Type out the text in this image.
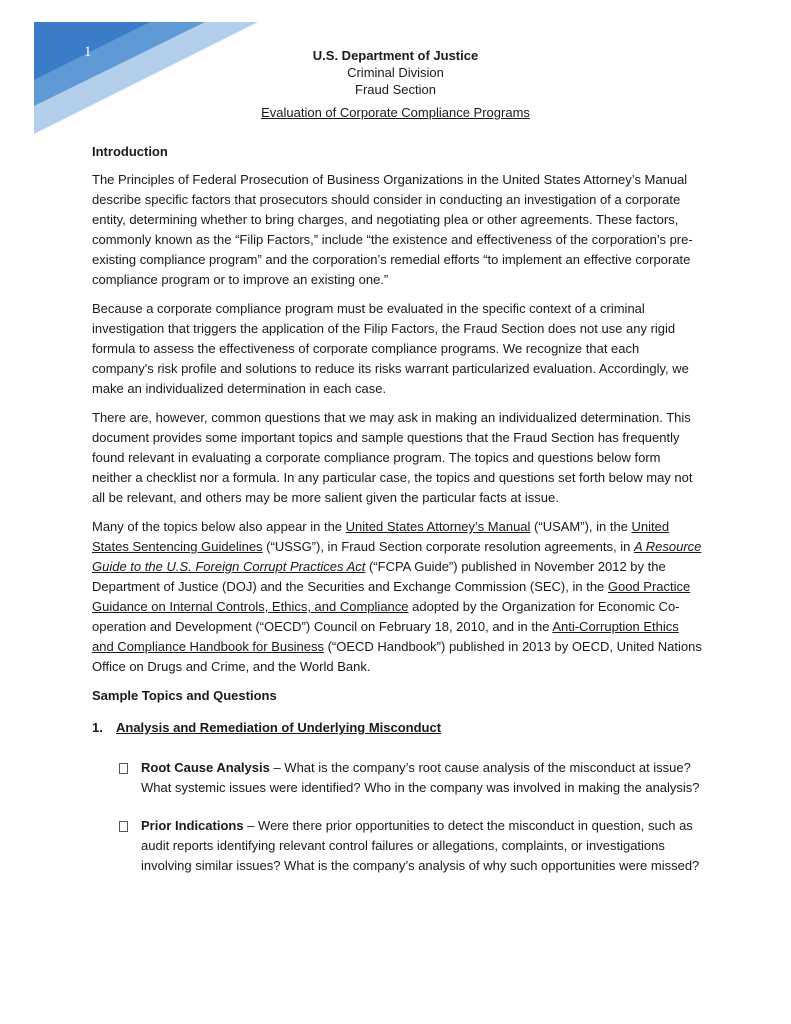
1	U.S. Department of Justice
Criminal Division
Fraud Section
Evaluation of Corporate Compliance Programs
Introduction

The Principles of Federal Prosecution of Business Organizations in the United States Attorney’s Manual describe specific factors that prosecutors should consider in conducting an investigation of a corporate entity, determining whether to bring charges, and negotiating plea or other agreements. These factors, commonly known as the “Filip Factors,” include “the existence and effectiveness of the corporation’s pre-existing compliance program” and the corporation’s remedial efforts “to implement an effective corporate compliance program or to improve an existing one.”

Because a corporate compliance program must be evaluated in the specific context of a criminal investigation that triggers the application of the Filip Factors, the Fraud Section does not use any rigid formula to assess the effectiveness of corporate compliance programs. We recognize that each company's risk profile and solutions to reduce its risks warrant particularized evaluation. Accordingly, we make an individualized determination in each case.

There are, however, common questions that we may ask in making an individualized determination. This document provides some important topics and sample questions that the Fraud Section has frequently found relevant in evaluating a corporate compliance program. The topics and questions below form neither a checklist nor a formula. In any particular case, the topics and questions set forth below may not all be relevant, and others may be more salient given the particular facts at issue.

Many of the topics below also appear in the United States Attorney’s Manual (“USAM”), in the United States Sentencing Guidelines (“USSG”), in Fraud Section corporate resolution agreements, in A Resource Guide to the U.S. Foreign Corrupt Practices Act (“FCPA Guide”) published in November 2012 by the Department of Justice (DOJ) and the Securities and Exchange Commission (SEC), in the Good Practice Guidance on Internal Controls, Ethics, and Compliance adopted by the Organization for Economic Co-operation and Development (“OECD”) Council on February 18, 2010, and in the Anti-Corruption Ethics and Compliance Handbook for Business (“OECD Handbook”) published in 2013 by OECD, United Nations Office on Drugs and Crime, and the World Bank.

Sample Topics and Questions
1.	Analysis and Remediation of Underlying Misconduct
Root Cause Analysis – What is the company’s root cause analysis of the misconduct at issue? What systemic issues were identified? Who in the company was involved in making the analysis?
Prior Indications – Were there prior opportunities to detect the misconduct in question, such as audit reports identifying relevant control failures or allegations, complaints, or investigations involving similar issues? What is the company’s analysis of why such opportunities were missed?
